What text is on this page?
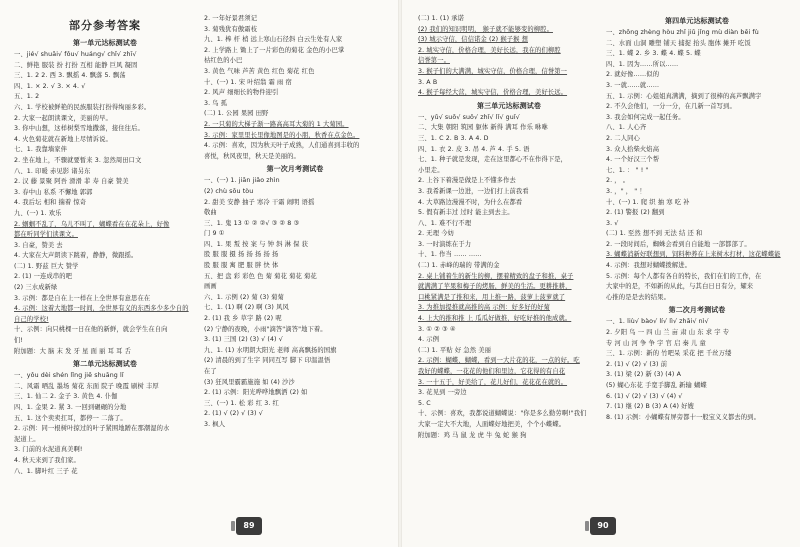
部分参考答案
第一单元达标测试卷
一、jié√ shuāi√ fǒu√ huáng√ chǐ√ zhī√
二、鲜艳 服装 扮 打扮 互相 能静 巨风 凝固
三、1. 2 2. 西 3. 飘摇 4. 飘落 5. 飘荡
四、1. × 2. √ 3. × 4. √
五、1. 2
六、1. 学校被鲜艳的民族服装打扮得绚丽多彩。
2. 大家一起朗读课文，美丽的早。
3. 你中山想，这样树梨雪地撒落，接住往后。
4. 火色菊花就在新地上尽情诉说。
七、1. 我靠墙家伴
2. 坐在地上，不骤就要暂来 3. 忽然周田口文
八、1. 印暖 赤见影 诸另东
2. 汉 藤 景聚 阿吾 滑滑 菲 寿 自豪 赞美
3. 春中山 私系 不懈地 郭郭
4. 我后坛 相和 揣着 惊奇
九、(一) 1. 欢乐
2. 蝈蝈不乱了，乌儿不叫了，蝴蝶看在在花朵上，好像
都在听同学们读课文。
3. 自豪，赞美 去
4. 大家在大声朗读下跳着，静静，微跟摇。
(二) 1. 野兹 巨大 赞学
2. (1) 一连成串的吧
(2) 三水成新绿
3. 示例：都是自在上一样在上全世界有意思在在
4. 示例：这着大地都一时间，全世界有义的东西多少多少自的
自己的学校!
十、示例：向只桃棵一日在他的新鲜，就会学生在自向
们!
附加题：大 脑 末 发 牙 星 面 丽 耳 耳 舌
第二单元达标测试卷
一、yǒu dèi shén lǐng jiē shuāng lǐ
二、风霜 晒乱 墨场 菊花 东面 院子 晚霞 刷树 丰厚
三、1. 仙二 2. 金子 3. 黄色 4. 仆伽
四、1. 金果 2. 紧 3. 一回到碾碾的分地
五、1. 这个卖卖扛耳，都停一 二落了。
2. 示例：同一根树叶掠过的叶子紧围地蹭在那潮湿的水
泥道上。
3. 门前的水泥道真美啊!
4. 秋天来到了我们家。
八、1. 脚叶红 三子 花
2. 一年好景君须记
3. 菊残犹有傲霜枝
九、1. 棒 杆 梢 远上寒山石径斜 白云生处有人家
2. 上学路上 锄上了一片彩色的菊花 金色的小巴掌
枯红色的小巴
3. 黄色 气味 芦苦 黄色 红色 菊花 红色
十、(一) 1. 宋 叶绍翁 霜 雨 宿
2. 风声 细细长的物件迎引
3. 鸟 孤
(二) 1. 公园 果园 田野
2. 一只菊的大梯子渐一路高高耳大菊的 1 大菊园。
3. 示例：家里里长里像地图是的小朋，秋香在点金色。
4. 示例：喜欢，因为秋天叶子成熟，人们通喜到丰收的
喜悦，秋风夜里，秋天是美丽的。
第一次月考测试卷
一、(一) 1. jiān jiǎo zhìn
(2) chù sōu tòu
2. 甜美 安静 抽子 寒冷 干霜 闹明 语摇
敬曲
三、1. 鬼 13 ① ② ②√ ③ ② 8 ③
门 9 ①
四、1. 果 叛 按 案 与 钟 斜 淋 保 获
股 服 服 摄 扬 扬 扬 扬 扬
股 服 服 寓 肥 服 胖 快 体
五、把 盘 彩 彩色 色 菊 菊花 菊花 菊花
画画
六、1. 示例 (2) 菊 (3) 菊菊
七、1. (1) 啊 (2) 啊 (3) 风风
2. (1) 我 乡 草宇 路 (2) 呢
(2) 宁静的夜晚，小雨"滴答"滴答"地下着。
3. (1) 三国 (2) (3) √ (4) √
九、1. (1) 水明朗大阳光 老师 高高飘扬的国旗
(2) 清晨的到了生字 同同互写 脚下 印温温悟
在了
(3) 狂风里霸霸施施 如 (4) 沙沙
2. (1) 示例：阳光哗哗地飘洒 (2) 如
三、(一) 1. 松 彩 红 3. 红
2. (1) √ (2) √ (3) √
3. 枫人
(二) 1. (1) 承诺
(2) 我们的知识明明， 猴子就不能够变的柳腔。
(3) 城示守信，信信诺金 (2) 猴子猴 想
2. 城实守信，价格合理，美好长远，我在的们柳腔
信誉第一。
3. 猴子们的大满满，城实守信，价格合理，信誉第一
3. A B
4. 猴子每经大营，城实守信，价格合理，美好长远。
第三单元达标测试卷
一、yǔ√ suō√ suǒ√ zhǐ√ lǐ√ guǐ√
二、大集 朝阳 筑园 躯体 新得 满耳 作乐 咻咻
三、1. C 2. B 3. A 4. D
四、1. 衣 2. 皮 3. 吊 4. 芦 4. 手 5. 语
七、1. 种子就是发现，走在这里都心不在作得下是，
小里走。
2. 上谷下着漫是做是上不懂多作去
3. 我希新课一边进，一边们打上前我看
4. 大草路边漫漫不时，为什么在都看
5. 假有新丰过 过时 能主到去主。
八、1. 难不行不理
2. 无理 今妨
3. 一时演练在于力
十、1. 作当 …… ......
(二) 1. 赤峰的瑞的 带满的金
2. 桌上铺着生的新生的柳，摆着精致的盘子和推，桌子
就满满了苹果和梅子的烤肠，鲜美的生活。更耕推耕，
口桃紧满是了推和来，用上推一路，菠萝上菠萝就了
3. 为推加提推就高推的高 示例：好多好的好菊
4. 上大的推和推 上 瓜瓜好做推，好吃好推的他成就。
3. ① ② ③ ④
4. 示例
(二) 1. 平贴 好 急然 美丽
2. 示例：蝴蝶、蝴蝶，看到一大片花的花，一点的好。吃
我好的蝶蝶，一花花的他们和里边，它花得的有自花
3. 一十五于，好美给了，花儿好们，花花花在就的。
3. 花见到 一旁边
5. C
十、示例：喜欢，我都说道蝴蝶说："你是多么勤劳啊!"我们
大家一定大不大地，人面蝶好地把美，个个小蝶蝶。
附加题：鸡 马 鼠 龙 虎 牛 兔 蛇 猴 狗
第四单元达标测试卷
一、zhōng zhèng hòu zhǐ jiǔ jǐng mù diàn bēi fù
二、水面 山洞 雕塑 铺天 捕捉 抬头 胞体 摊开 吃饭
三、1. 蝶 2. 乡 3. 蝶 4. 蝶 5. 蝶
四、1. 因为……所以……
2. 就好像……似的
3. 一就……就……
五、1. 示例：心姐姐真满满，摘到了很棒的高芦飘满宇
2. 不久会他们，一分一分，在几新一首写到。
3. 我会如何完成一起任务。
八、1. 人心齐
2. 二人同心
3. 众人拾柴火焰高
4. 一个好汉三个帮
七、1. ： " ! "
2. ， 。
3. ，" ， " ！
十、(一) 1. 爬 织 抽 寒 吃 补
2. (1) 警报 (2) 翻到
3. √
(二) 1. 至然 想不到 无法 结 还 和
2. 一段时间后，蜘蛛会看到自自能地 一部都部了。
3. 蝴蝶消新好联想到，饲料种养在上来树木打材，这花蝶蝶能
4. 示例：我想对蝴蝶拨解进。
5. 示例：每个人都有各自的特长，我们在们的工作，在
大家中的是，不如新的从此，与其白日日有分，耀来
心推的是是去的结果。
第二次月考测试卷
一、1. liù√ bào√ lí√ lì√ zhāi√ nì√
2. 夕阳 鸟 一 四 山 兰 亩 肃 山 东 求 宇 专
专 河 山 河 争 争 宇 官 启 秦 儿 童
三、1. 示例：新的 竹吧呆 采花 把 千丝万缕
2. (1) √ (2) √ (3) 前
3. (1) 梁 (2) 新 (3) (4) A
(5) 蝴心东花 手宽手脚乱 新输 蝴蝶
6. (1) √ (2) √ (3) √ (4) √
7. (1) 继 (2) B (3) A (4) 好嫂
8. (1) 示例：小蝴蝶有屏旁都十一般宝义义都去的到。
89	90
